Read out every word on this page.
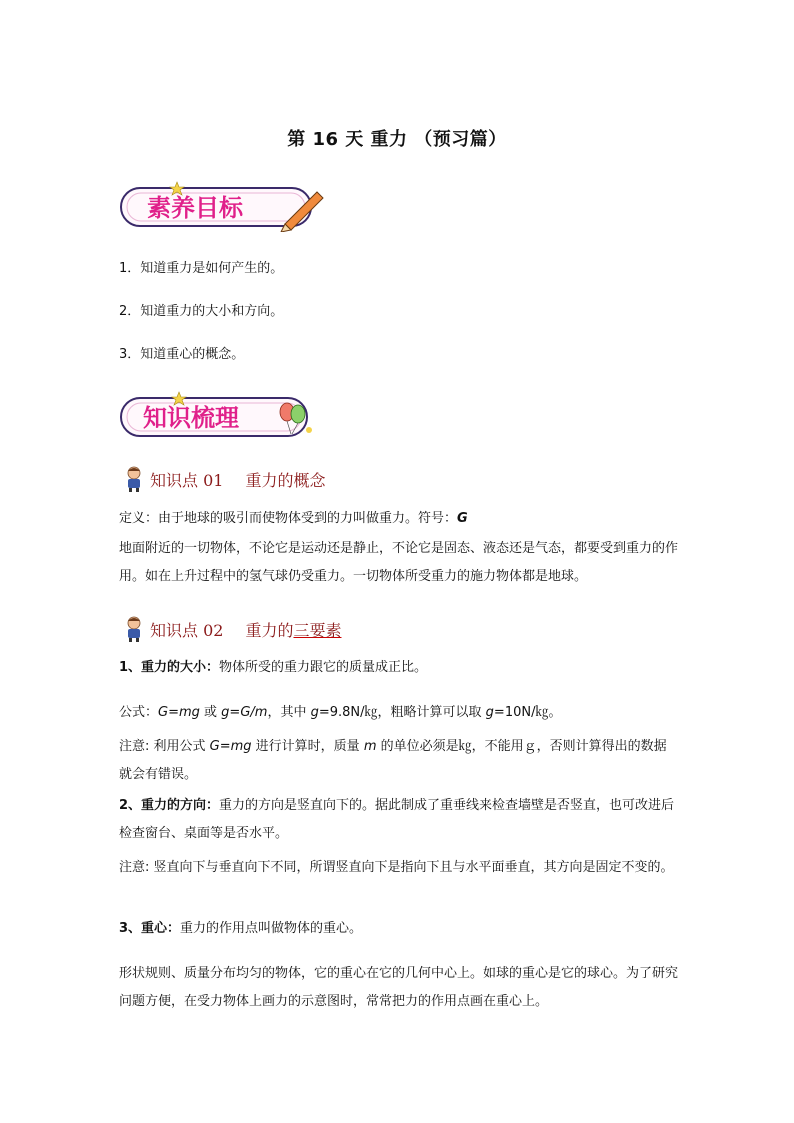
第 16 天 重力 （预习篇）
素养目标
1．知道重力是如何产生的。
2．知道重力的大小和方向。
3．知道重心的概念。
知识梳理
知识点 01 重力的概念
定义：由于地球的吸引而使物体受到的力叫做重力。符号：G
地面附近的一切物体，不论它是运动还是静止，不论它是固态、液态还是气态，都要受到重力的作用。如在上升过程中的氢气球仍受重力。一切物体所受重力的施力物体都是地球。
知识点 02 重力的三要素
1、重力的大小：物体所受的重力跟它的质量成正比。
公式：G=mg 或 g=G/m，其中 g=9.8N/㎏，粗略计算可以取 g=10N/㎏。
注意: 利用公式 G=mg 进行计算时，质量 m 的单位必须是㎏，不能用ｇ，否则计算得出的数据就会有错误。
2、重力的方向：重力的方向是竖直向下的。据此制成了重垂线来检查墙壁是否竖直，也可改进后检查窗台、桌面等是否水平。
注意: 竖直向下与垂直向下不同，所谓竖直向下是指向下且与水平面垂直，其方向是固定不变的。
3、重心：重力的作用点叫做物体的重心。
形状规则、质量分布均匀的物体，它的重心在它的几何中心上。如球的重心是它的球心。为了研究问题方便，在受力物体上画力的示意图时，常常把力的作用点画在重心上。
